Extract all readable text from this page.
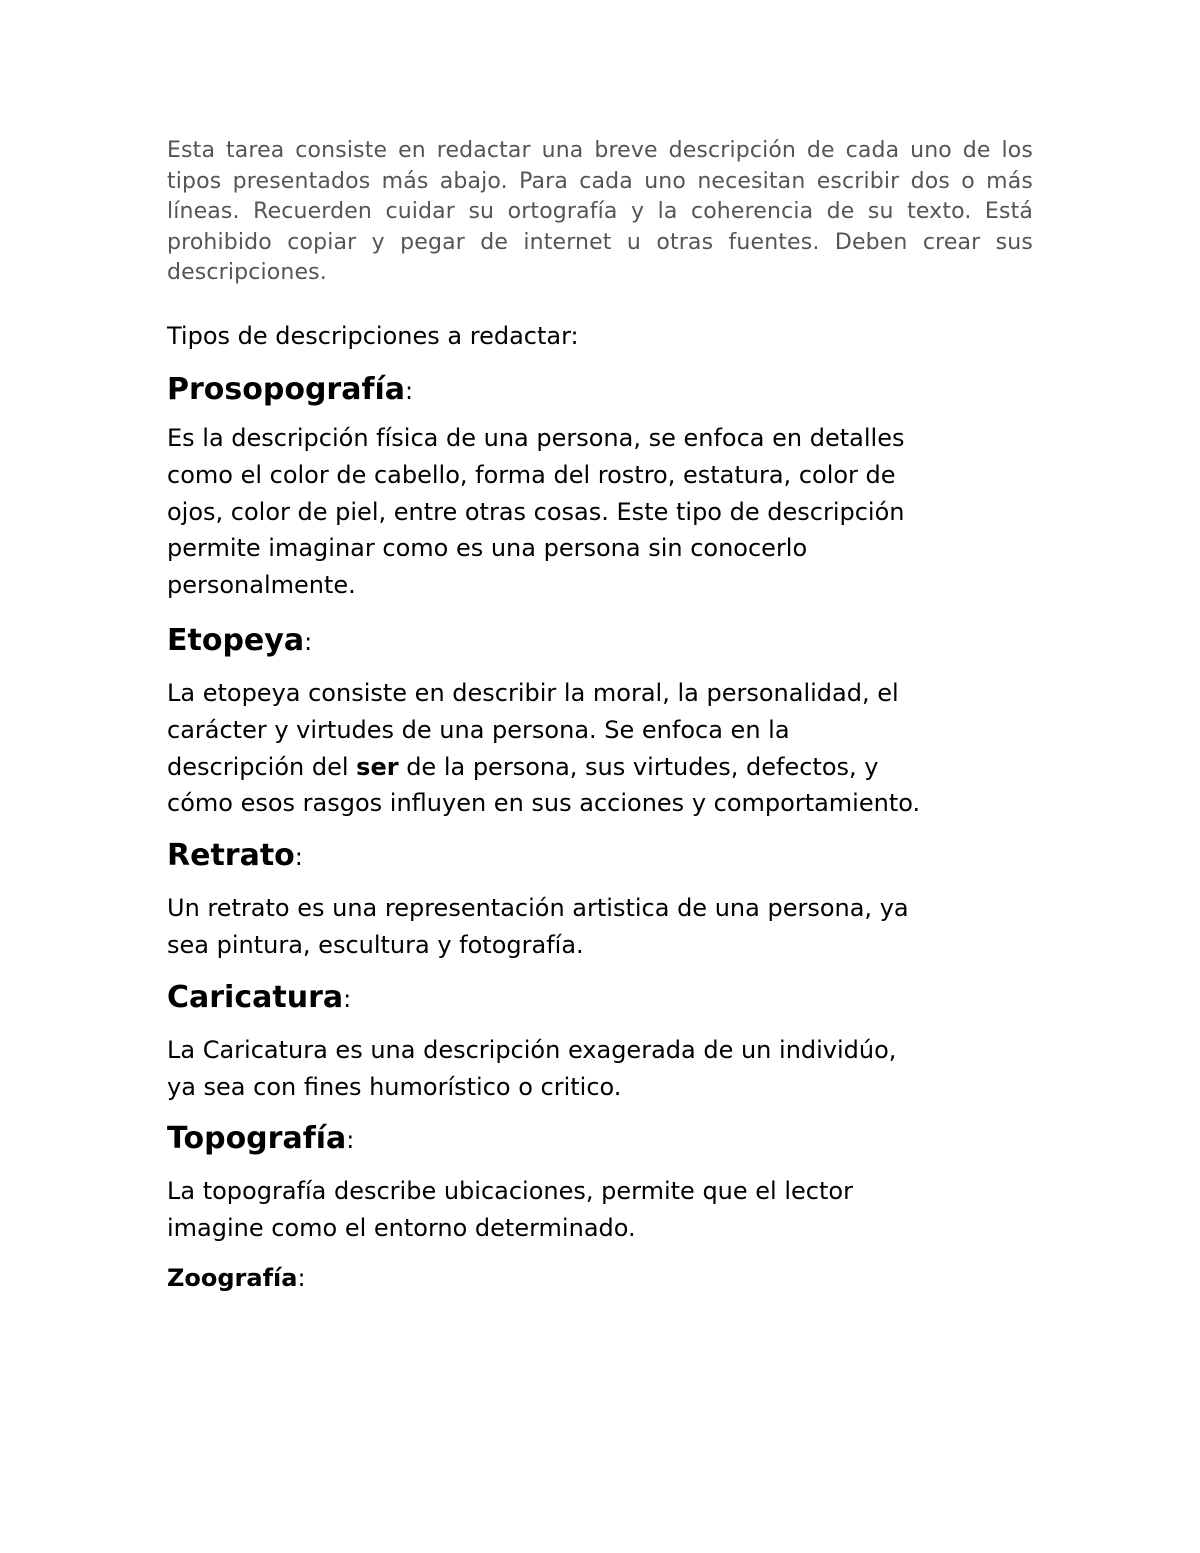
Esta tarea consiste en redactar una breve descripción de cada uno de los tipos presentados más abajo. Para cada uno necesitan escribir dos o más líneas. Recuerden cuidar su ortografía y la coherencia de su texto. Está prohibido copiar y pegar de internet u otras fuentes. Deben crear sus descripciones.

Tipos de descripciones a redactar:

Prosopografía:

Es la descripción física de una persona, se enfoca en detalles

como el color de cabello, forma del rostro, estatura, color de

ojos, color de piel, entre otras cosas. Este tipo de descripción

permite imaginar como es una persona sin conocerlo

personalmente.

Etopeya:

La etopeya consiste en describir la moral, la personalidad, el

carácter y virtudes de una persona. Se enfoca en la

descripción del ser de la persona, sus virtudes, defectos, y

cómo esos rasgos influyen en sus acciones y comportamiento.

Retrato:

Un retrato es una representación artistica de una persona, ya

sea pintura, escultura y fotografía.

Caricatura:

La Caricatura es una descripción exagerada de un individúo,

ya sea con fines humorístico o critico.

Topografía:

La topografía describe ubicaciones, permite que el lector

imagine como el entorno determinado.

Zoografía:
